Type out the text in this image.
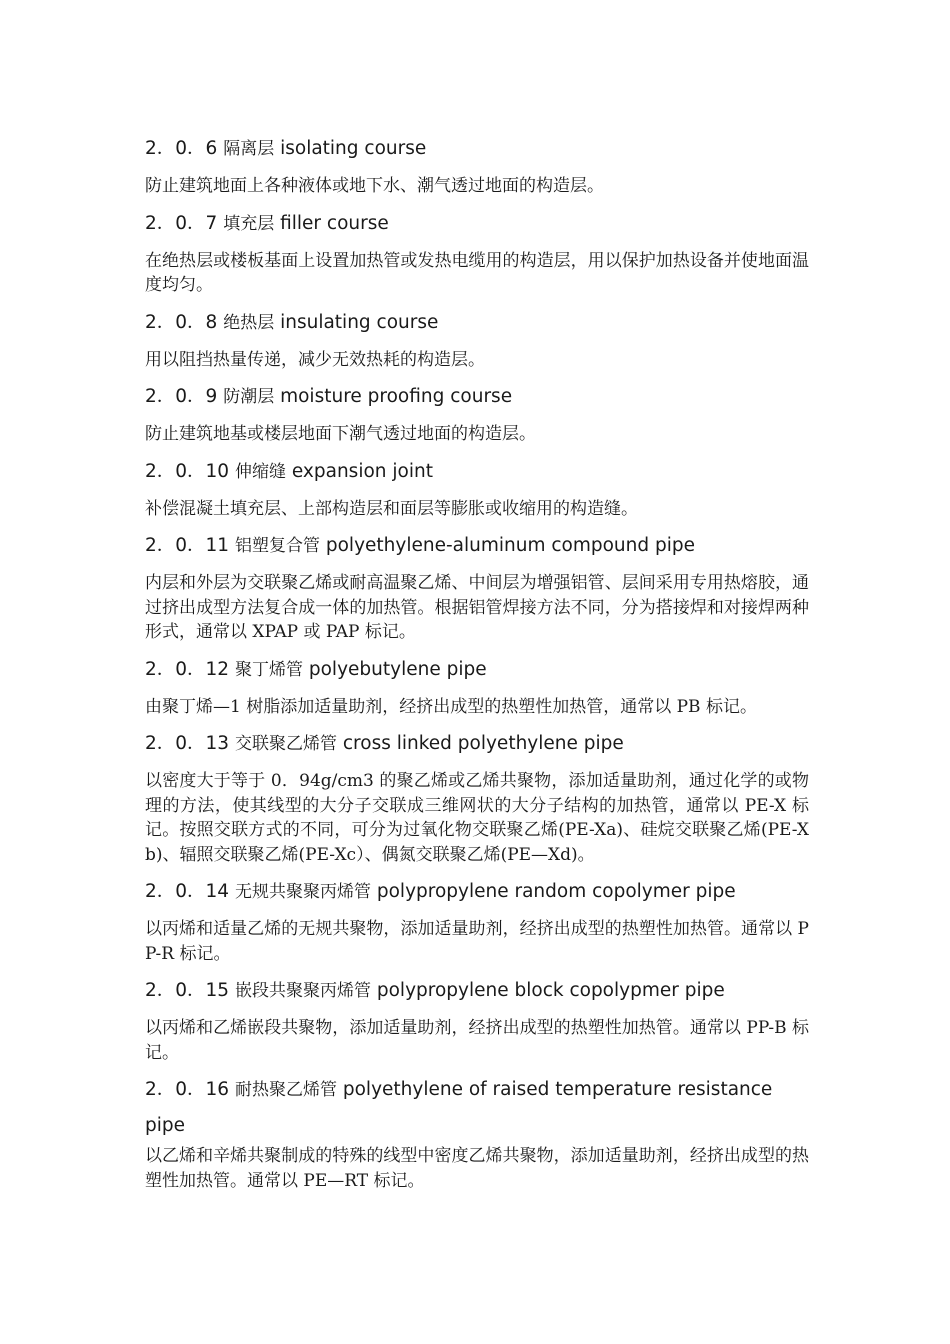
2．0．6 隔离层 isolating course

防止建筑地面上各种液体或地下水、潮气透过地面的构造层。

2．0．7 填充层 filler course

在绝热层或楼板基面上设置加热管或发热电缆用的构造层，用以保护加热设备并使地面温度均匀。

2．0．8 绝热层 insulating course

用以阻挡热量传递，减少无效热耗的构造层。

2．0．9 防潮层 moisture proofing course

防止建筑地基或楼层地面下潮气透过地面的构造层。

2．0．10 伸缩缝 expansion joint

补偿混凝土填充层、上部构造层和面层等膨胀或收缩用的构造缝。

2．0．11 铝塑复合管 polyethylene-aluminum compound pipe

内层和外层为交联聚乙烯或耐高温聚乙烯、中间层为增强铝管、层间采用专用热熔胶，通过挤出成型方法复合成一体的加热管。根据铝管焊接方法不同，分为搭接焊和对接焊两种形式，通常以 XPAP 或 PAP 标记。

2．0．12 聚丁烯管 polyebutylene pipe

由聚丁烯—1 树脂添加适量助剂，经挤出成型的热塑性加热管，通常以 PB 标记。

2．0．13 交联聚乙烯管 cross linked polyethylene pipe

以密度大于等于 0．94g/cm3 的聚乙烯或乙烯共聚物，添加适量助剂，通过化学的或物理的方法，使其线型的大分子交联成三维网状的大分子结构的加热管，通常以 PE-X 标记。按照交联方式的不同，可分为过氧化物交联聚乙烯(PE-Xa)、硅烷交联聚乙烯(PE-Xb)、辐照交联聚乙烯(PE-Xc）、偶氮交联聚乙烯(PE—Xd)。

2．0．14 无规共聚聚丙烯管 polypropylene random copolymer pipe

以丙烯和适量乙烯的无规共聚物，添加适量助剂，经挤出成型的热塑性加热管。通常以 PP-R 标记。

2．0．15 嵌段共聚聚丙烯管 polypropylene block copolypmer pipe

以丙烯和乙烯嵌段共聚物，添加适量助剂，经挤出成型的热塑性加热管。通常以 PP-B 标记。

2．0．16 耐热聚乙烯管 polyethylene of raised temperature resistance pipe

以乙烯和辛烯共聚制成的特殊的线型中密度乙烯共聚物，添加适量助剂，经挤出成型的热塑性加热管。通常以 PE—RT 标记。
